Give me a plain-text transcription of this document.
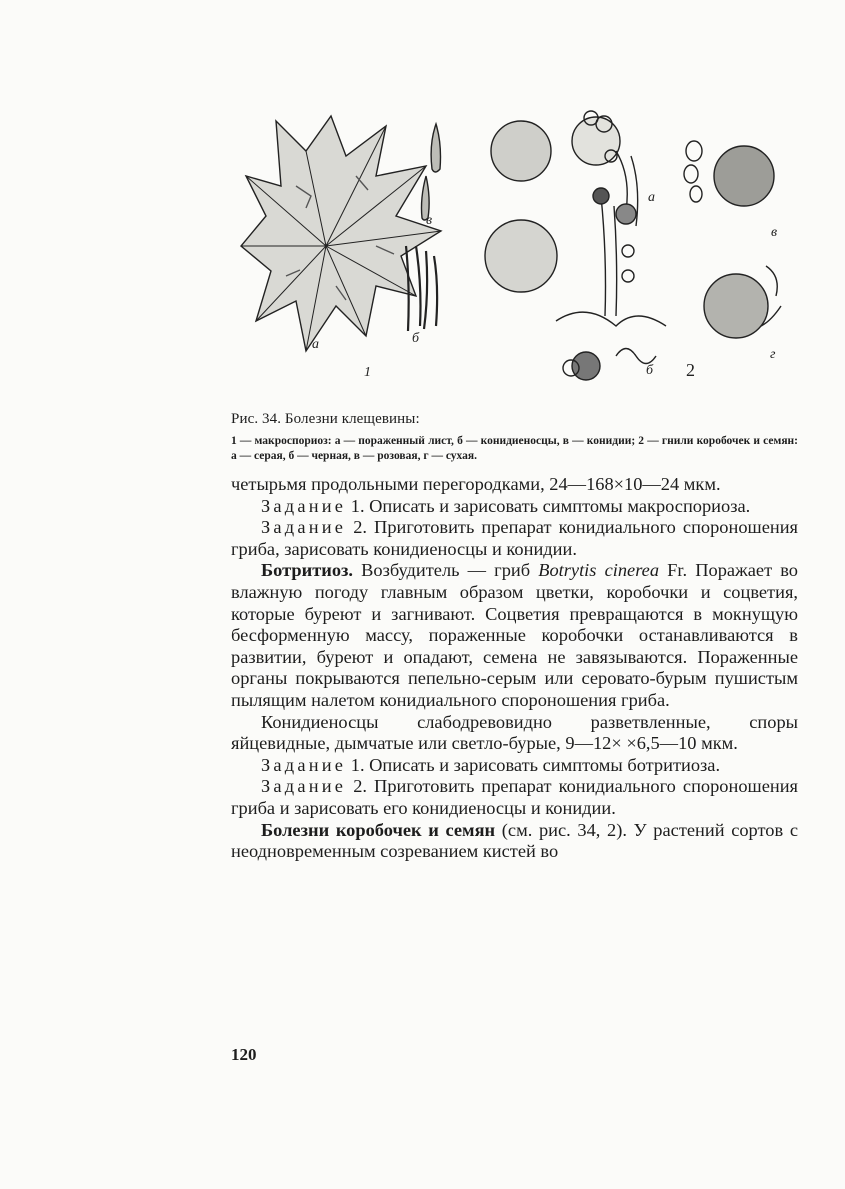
1
а	б
в
а
б
в
г
2
Рис. 34. Болезни клещевины:
1 — макроспориоз: а — пораженный лист, б — конидиеносцы, в — конидии; 2 — гнили коробочек и семян: а — серая, б — черная, в — розовая, г — сухая.

четырьмя продольными перегородками, 24—168×10—24 мкм.

Задание 1. Описать и зарисовать симптомы макроспориоза.

Задание 2. Приготовить препарат конидиального спороношения гриба, зарисовать конидиеносцы и конидии.

Ботритиоз. Возбудитель — гриб Botrytis cinerea Fr. Поражает во влажную погоду главным образом цветки, коробочки и соцветия, которые буреют и загнивают. Соцветия превращаются в мокнущую бесформенную массу, пораженные коробочки останавливаются в развитии, буреют и опадают, семена не завязываются. Пораженные органы покрываются пепельно-серым или серовато-бурым пушистым пылящим налетом конидиального спороношения гриба.

Конидиеносцы слабодревовидно разветвленные, споры яйцевидные, дымчатые или светло-бурые, 9—12× ×6,5—10 мкм.

Задание 1. Описать и зарисовать симптомы ботритиоза.

Задание 2. Приготовить препарат конидиального спороношения гриба и зарисовать его конидиеносцы и конидии.

Болезни коробочек и семян (см. рис. 34, 2). У растений сортов с неодновременным созреванием кистей во

120
